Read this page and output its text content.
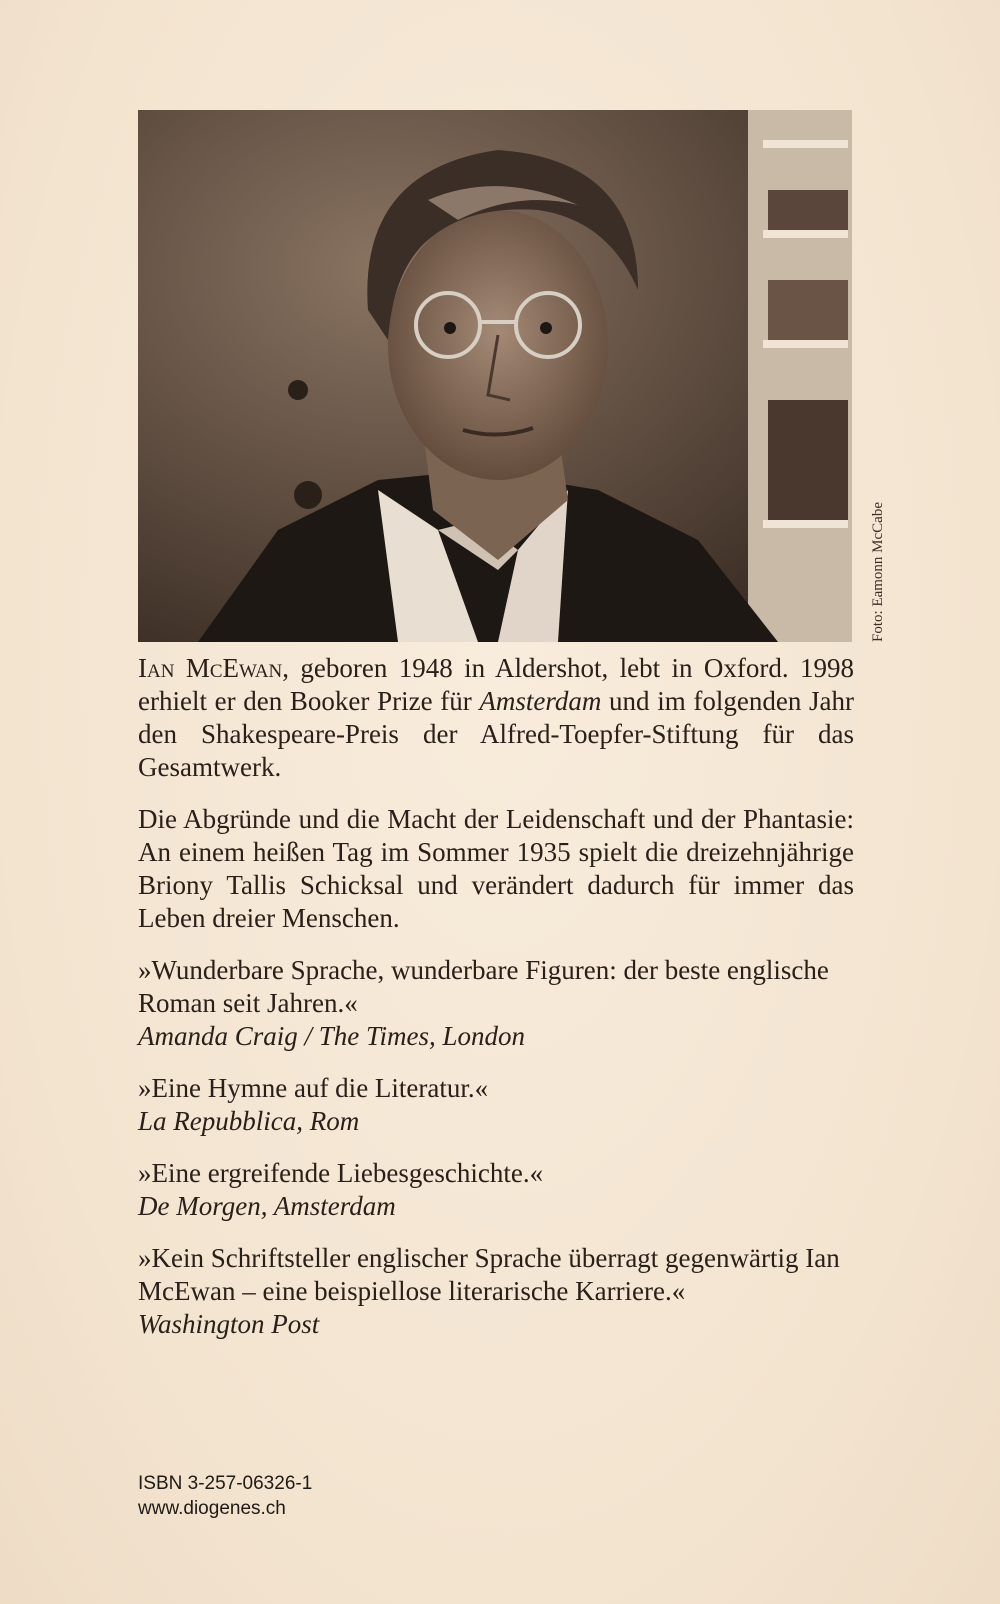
Foto: Eamonn McCabe

Ian McEwan, geboren 1948 in Aldershot, lebt in Oxford. 1998 erhielt er den Booker Prize für Amsterdam und im folgenden Jahr den Shakespeare-Preis der Alfred-Toepfer-Stiftung für das Gesamtwerk.

Die Abgründe und die Macht der Leidenschaft und der Phantasie: An einem heißen Tag im Sommer 1935 spielt die dreizehnjährige Briony Tallis Schicksal und verändert dadurch für immer das Leben dreier Menschen.

»Wunderbare Sprache, wunderbare Figuren: der beste englische Roman seit Jahren.«
Amanda Craig / The Times, London

»Eine Hymne auf die Literatur.«
La Repubblica, Rom

»Eine ergreifende Liebesgeschichte.«
De Morgen, Amsterdam

»Kein Schriftsteller englischer Sprache überragt gegenwärtig Ian McEwan – eine beispiellose literarische Karriere.«
Washington Post

ISBN 3-257-06326-1
www.diogenes.ch
